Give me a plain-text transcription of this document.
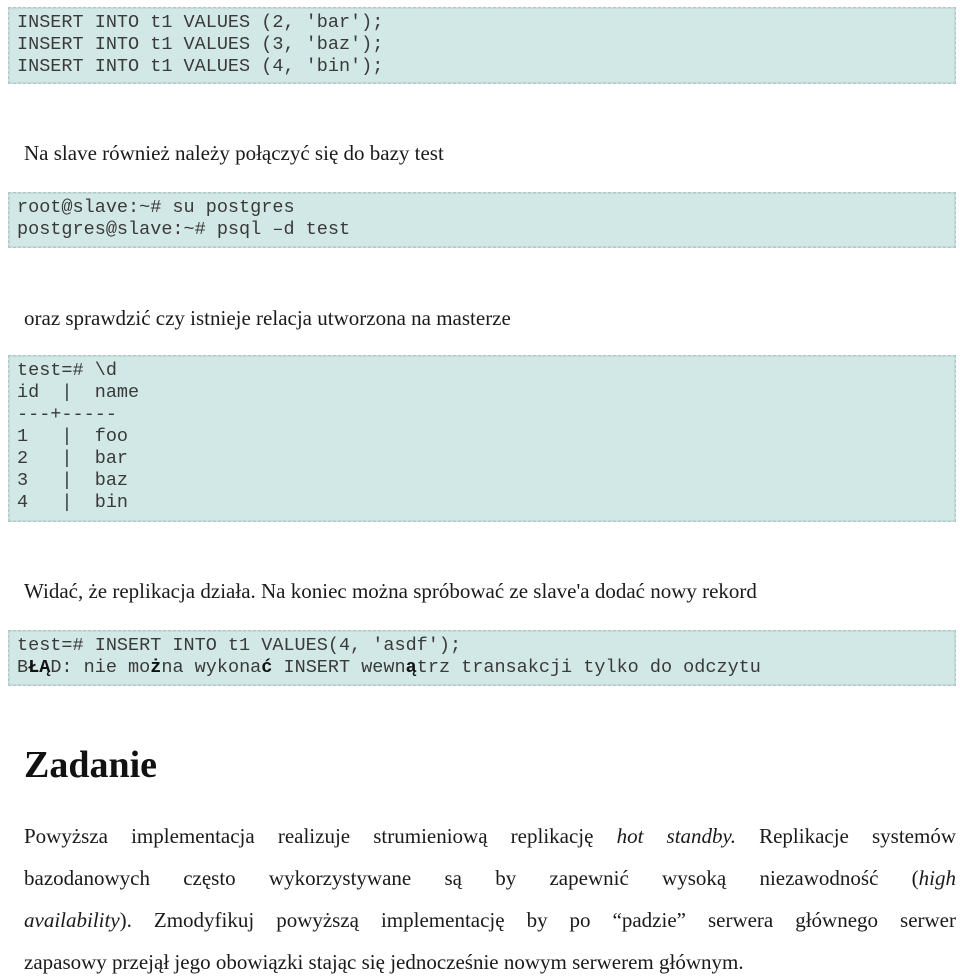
INSERT INTO t1 VALUES (2, 'bar');
INSERT INTO t1 VALUES (3, 'baz');
INSERT INTO t1 VALUES (4, 'bin');
Na slave również należy połączyć się do bazy test
root@slave:~# su postgres
postgres@slave:~# psql –d test
oraz sprawdzić czy istnieje relacja utworzona na masterze
test=# \d
id  |  name
---+-----
1   |  foo
2   |  bar
3   |  baz
4   |  bin
Widać, że replikacja działa. Na koniec można spróbować ze slave'a dodać nowy rekord
test=# INSERT INTO t1 VALUES(4, 'asdf');
BŁĄD: nie można wykonać INSERT wewnątrz transakcji tylko do odczytu
Zadanie
Powyższa implementacja realizuje strumieniową replikację hot standby. Replikacje systemów
bazodanowych często wykorzystywane są by zapewnić wysoką niezawodność (high
availability). Zmodyfikuj powyższą implementację by po “padzie” serwera głównego serwer
zapasowy przejął jego obowiązki stając się jednocześnie nowym serwerem głównym.
